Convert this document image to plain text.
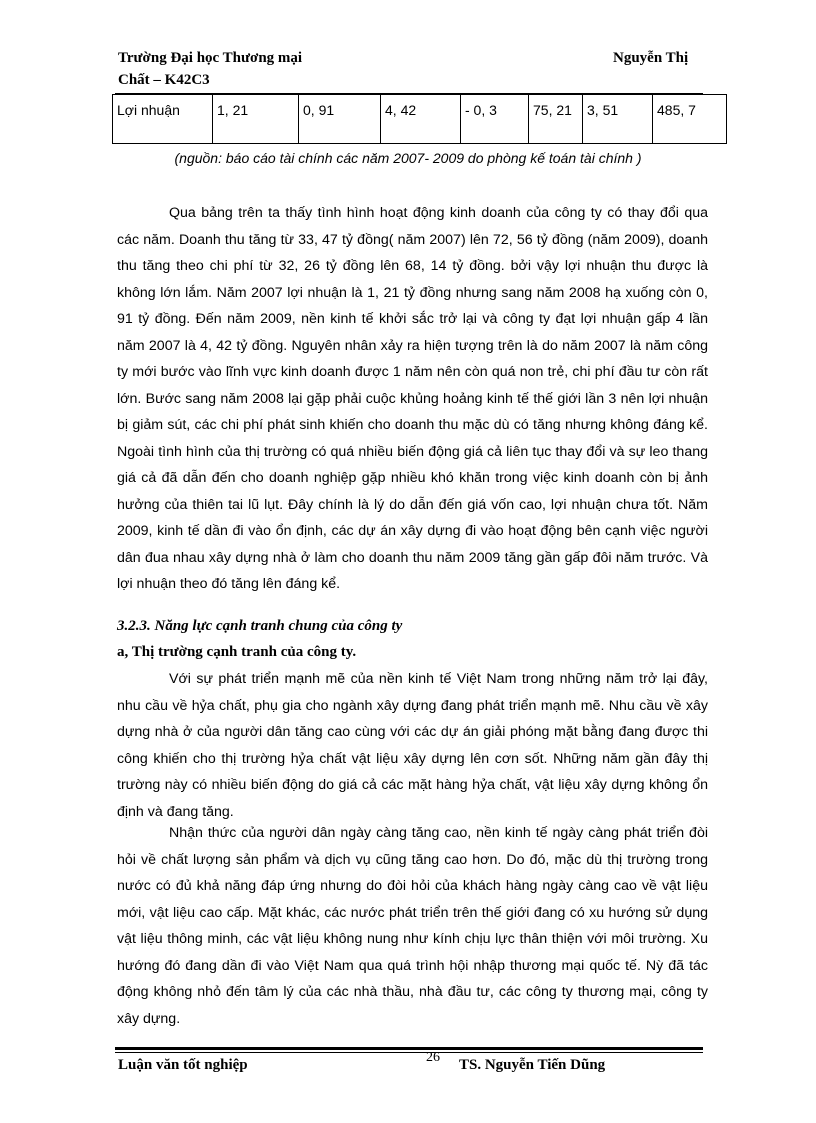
Trường Đại học Thương mại
Chất – K42C3
Nguyễn Thị
Lợi nhuận	1, 21	0, 91	4, 42	- 0, 3	75, 21	3, 51	485, 7
(nguồn: báo cáo tài chính các năm 2007- 2009 do phòng kế toán tài chính )
Qua bảng trên ta thấy tình hình hoạt động kinh doanh của công ty có thay đổi qua các năm. Doanh thu tăng từ 33, 47 tỷ đồng( năm 2007) lên 72, 56 tỷ đồng (năm 2009), doanh thu tăng theo chi phí từ 32, 26 tỷ đồng lên 68, 14 tỷ đồng. bởi vậy lợi nhuận thu được là không lớn lắm. Năm 2007 lợi nhuận là 1, 21 tỷ đồng nhưng sang năm 2008 hạ xuống còn 0, 91 tỷ đồng. Đến năm 2009, nền kinh tế khởi sắc trở lại và công ty đạt lợi nhuận gấp 4 lần năm 2007 là 4, 42 tỷ đồng. Nguyên nhân xảy ra hiện tượng trên là do năm 2007 là năm công ty mới bước vào lĩnh vực kinh doanh được 1 năm nên còn quá non trẻ, chi phí đầu tư còn rất lớn. Bước sang năm 2008 lại gặp phải cuộc khủng hoảng kinh tế thế giới lần 3 nên lợi nhuận bị giảm sút, các chi phí phát sinh khiến cho doanh thu mặc dù có tăng nhưng không đáng kể. Ngoài tình hình của thị trường có quá nhiều biến động giá cả liên tục thay đổi và sự leo thang giá cả đã dẫn đến cho doanh nghiệp gặp nhiều khó khăn trong việc kinh doanh còn bị ảnh hưởng của thiên tai lũ lụt. Đây chính là lý do dẫn đến giá vốn cao, lợi nhuận chưa tốt. Năm 2009, kinh tế dần đi vào ổn định, các dự án xây dựng đi vào hoạt động bên cạnh việc người dân đua nhau xây dựng nhà ở làm cho doanh thu năm 2009 tăng gần gấp đôi năm trước. Và lợi nhuận theo đó tăng lên đáng kể.
3.2.3. Năng lực cạnh tranh chung của công ty
a, Thị trường cạnh tranh của công ty.
Với sự phát triển mạnh mẽ của nền kinh tế Việt Nam trong những năm trở lại đây, nhu cầu về hỷa chất, phụ gia cho ngành xây dựng đang phát triển mạnh mẽ. Nhu cầu về xây dựng nhà ở của người dân tăng cao cùng với các dự án giải phóng mặt bằng đang được thi công khiến cho thị trường hỷa chất vật liệu xây dựng lên cơn sốt. Những năm gần đây thị trường này có nhiều biến động do giá cả các mặt hàng hỷa chất, vật liệu xây dựng không ổn định và đang tăng.
Nhận thức của người dân ngày càng tăng cao, nền kinh tế ngày càng phát triển đòi hỏi về chất lượng sản phẩm và dịch vụ cũng tăng cao hơn. Do đó, mặc dù thị trường trong nước có đủ khả năng đáp ứng nhưng do đòi hỏi của khách hàng ngày càng cao về vật liệu mới, vật liệu cao cấp. Mặt khác, các nước phát triển trên thế giới đang có xu hướng sử dụng vật liệu thông minh, các vật liệu không nung như kính chịu lực thân thiện với môi trường. Xu hướng đó đang dần đi vào Việt Nam qua quá trình hội nhập thương mại quốc tế. Nỳ đã tác động không nhỏ đến tâm lý của các nhà thầu, nhà đầu tư, các công ty thương mại, công ty xây dựng.
Luận văn tốt nghiệp	26 TS. Nguyễn Tiến Dũng
